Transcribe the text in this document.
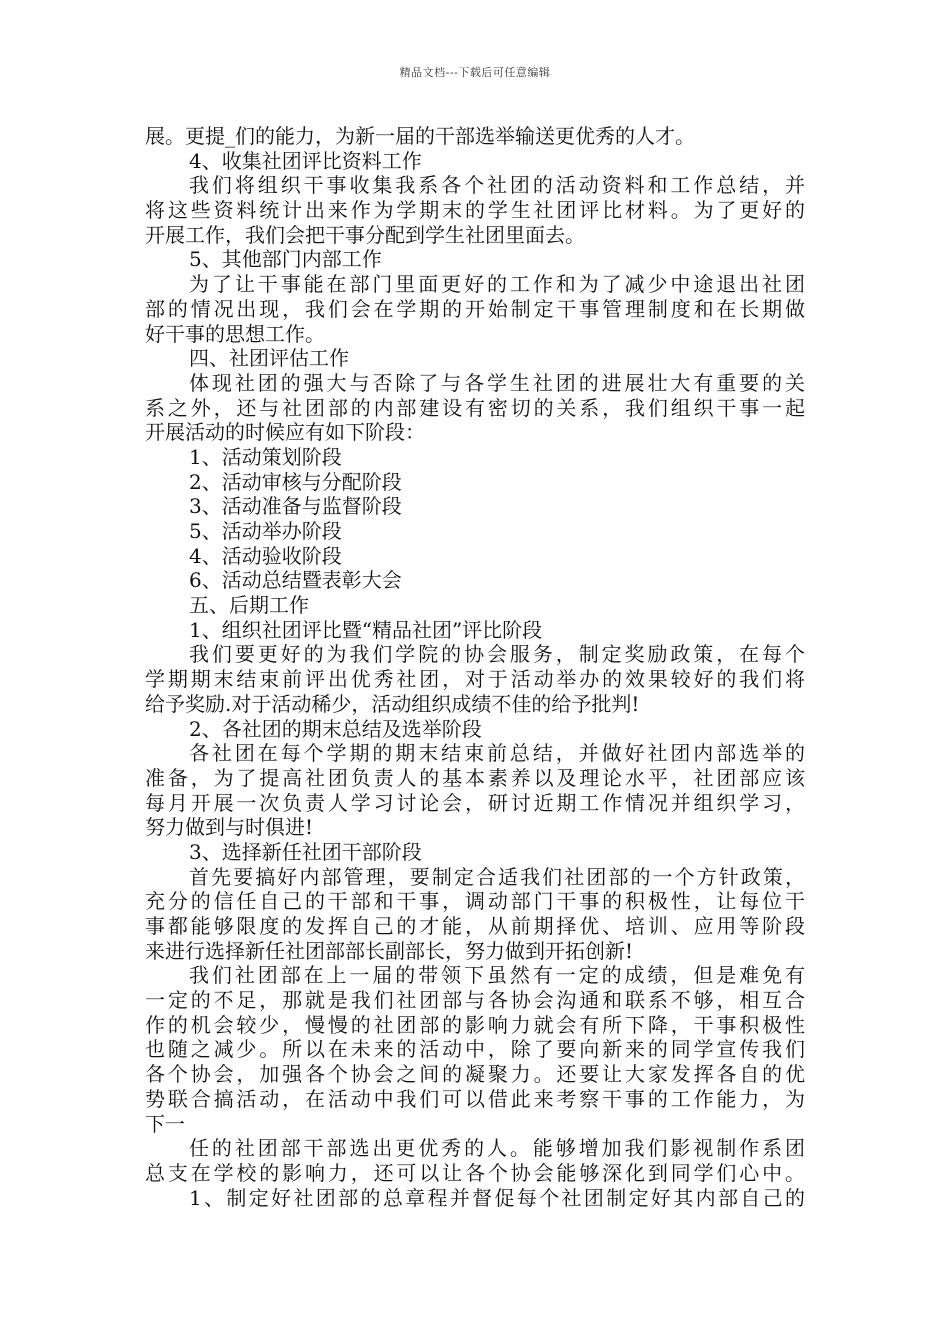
精品文档---下载后可任意编辑
展。更提_们的能力，为新一届的干部选举输送更优秀的人才。
4、收集社团评比资料工作
我们将组织干事收集我系各个社团的活动资料和工作总结，并
将这些资料统计出来作为学期末的学生社团评比材料。为了更好的
开展工作，我们会把干事分配到学生社团里面去。
5、其他部门内部工作
为了让干事能在部门里面更好的工作和为了减少中途退出社团
部的情况出现，我们会在学期的开始制定干事管理制度和在长期做
好干事的思想工作。
四、社团评估工作
体现社团的强大与否除了与各学生社团的进展壮大有重要的关
系之外，还与社团部的内部建设有密切的关系，我们组织干事一起
开展活动的时候应有如下阶段：
1、活动策划阶段
2、活动审核与分配阶段
3、活动准备与监督阶段
5、活动举办阶段
4、活动验收阶段
6、活动总结暨表彰大会
五、后期工作
1、组织社团评比暨“精品社团”评比阶段
我们要更好的为我们学院的协会服务，制定奖励政策，在每个
学期期末结束前评出优秀社团，对于活动举办的效果较好的我们将
给予奖励.对于活动稀少，活动组织成绩不佳的给予批判!
2、各社团的期末总结及选举阶段
各社团在每个学期的期末结束前总结，并做好社团内部选举的
准备，为了提高社团负责人的基本素养以及理论水平，社团部应该
每月开展一次负责人学习讨论会，研讨近期工作情况并组织学习，
努力做到与时俱进!
3、选择新任社团干部阶段
首先要搞好内部管理，要制定合适我们社团部的一个方针政策，
充分的信任自己的干部和干事，调动部门干事的积极性，让每位干
事都能够限度的发挥自己的才能，从前期择优、培训、应用等阶段
来进行选择新任社团部部长副部长，努力做到开拓创新!
我们社团部在上一届的带领下虽然有一定的成绩，但是难免有
一定的不足，那就是我们社团部与各协会沟通和联系不够，相互合
作的机会较少，慢慢的社团部的影响力就会有所下降，干事积极性
也随之减少。所以在未来的活动中，除了要向新来的同学宣传我们
各个协会，加强各个协会之间的凝聚力。还要让大家发挥各自的优
势联合搞活动，在活动中我们可以借此来考察干事的工作能力，为
下一
任的社团部干部选出更优秀的人。能够增加我们影视制作系团
总支在学校的影响力，还可以让各个协会能够深化到同学们心中。
1、制定好社团部的总章程并督促每个社团制定好其内部自己的
